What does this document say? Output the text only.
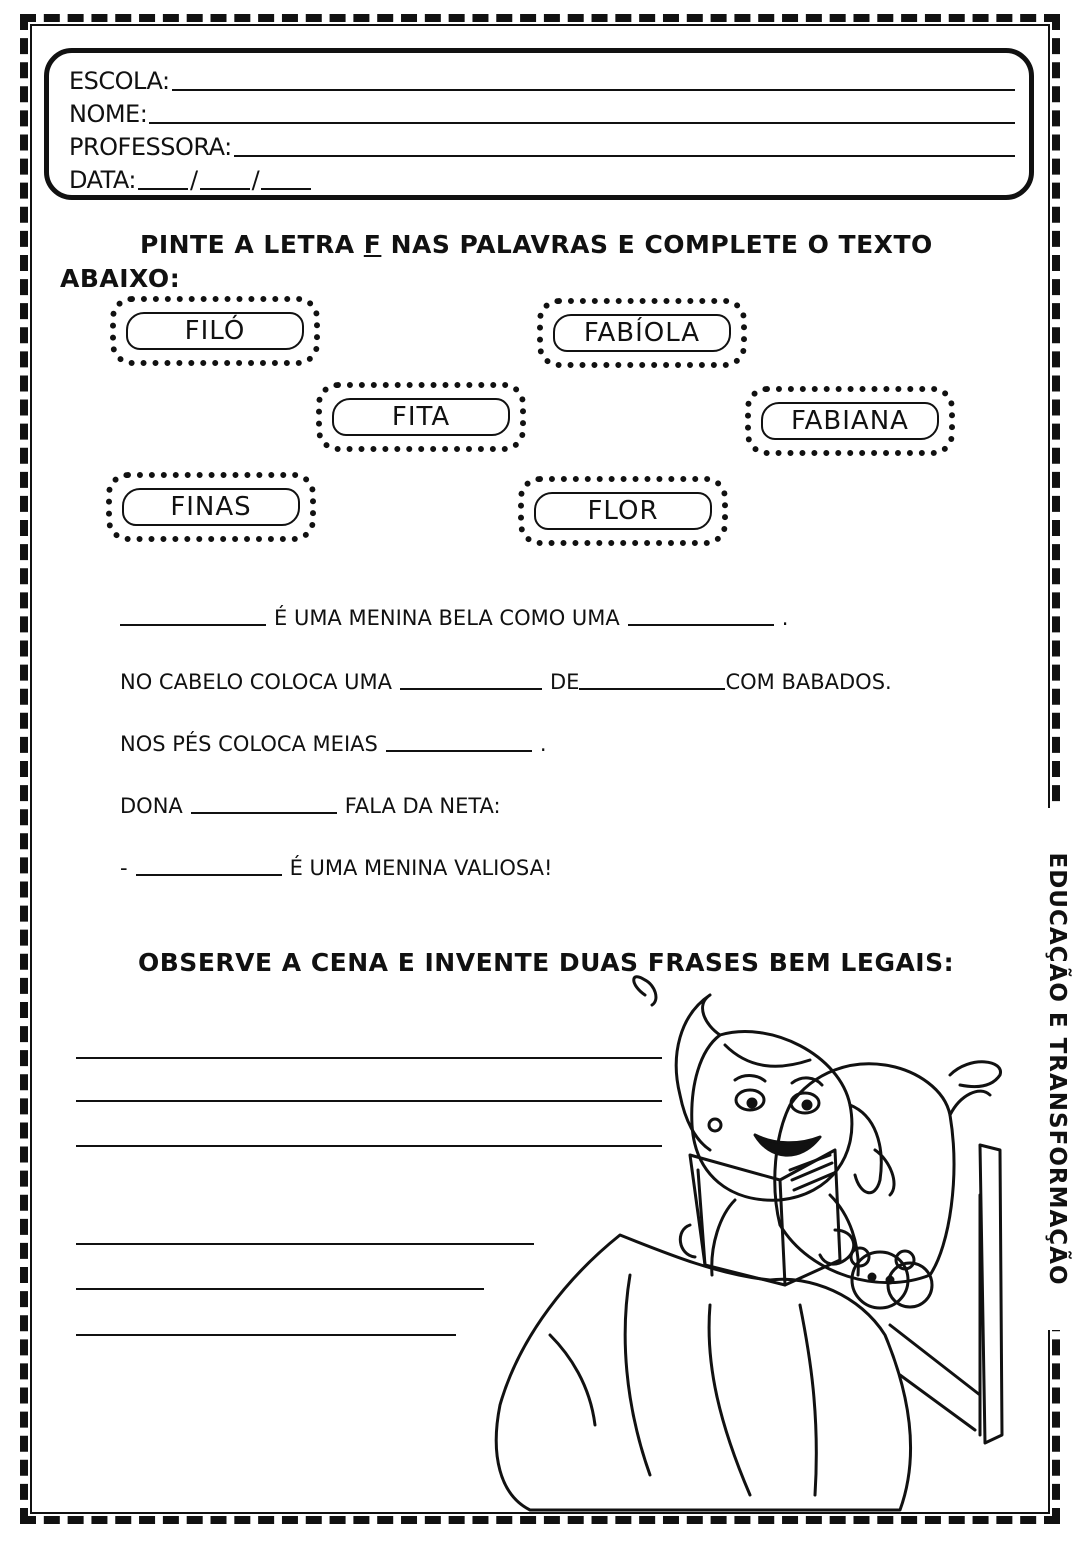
ESCOLA:
NOME:
PROFESSORA:
DATA: / /
PINTE A LETRA F NAS PALAVRAS E COMPLETE O TEXTO
ABAIXO:
FILÓ	FABÍOLA
FITA	FABIANA
FINAS	FLOR
É UMA MENINA BELA COMO UMA	.
NO CABELO COLOCA UMA	DE	COM BABADOS.
NOS PÉS COLOCA MEIAS	.
DONA	FALA DA NETA:
-	É UMA MENINA VALIOSA!
OBSERVE A CENA E INVENTE DUAS FRASES BEM LEGAIS:	EDUCAÇÃO E TRANSFORMAÇÃO
